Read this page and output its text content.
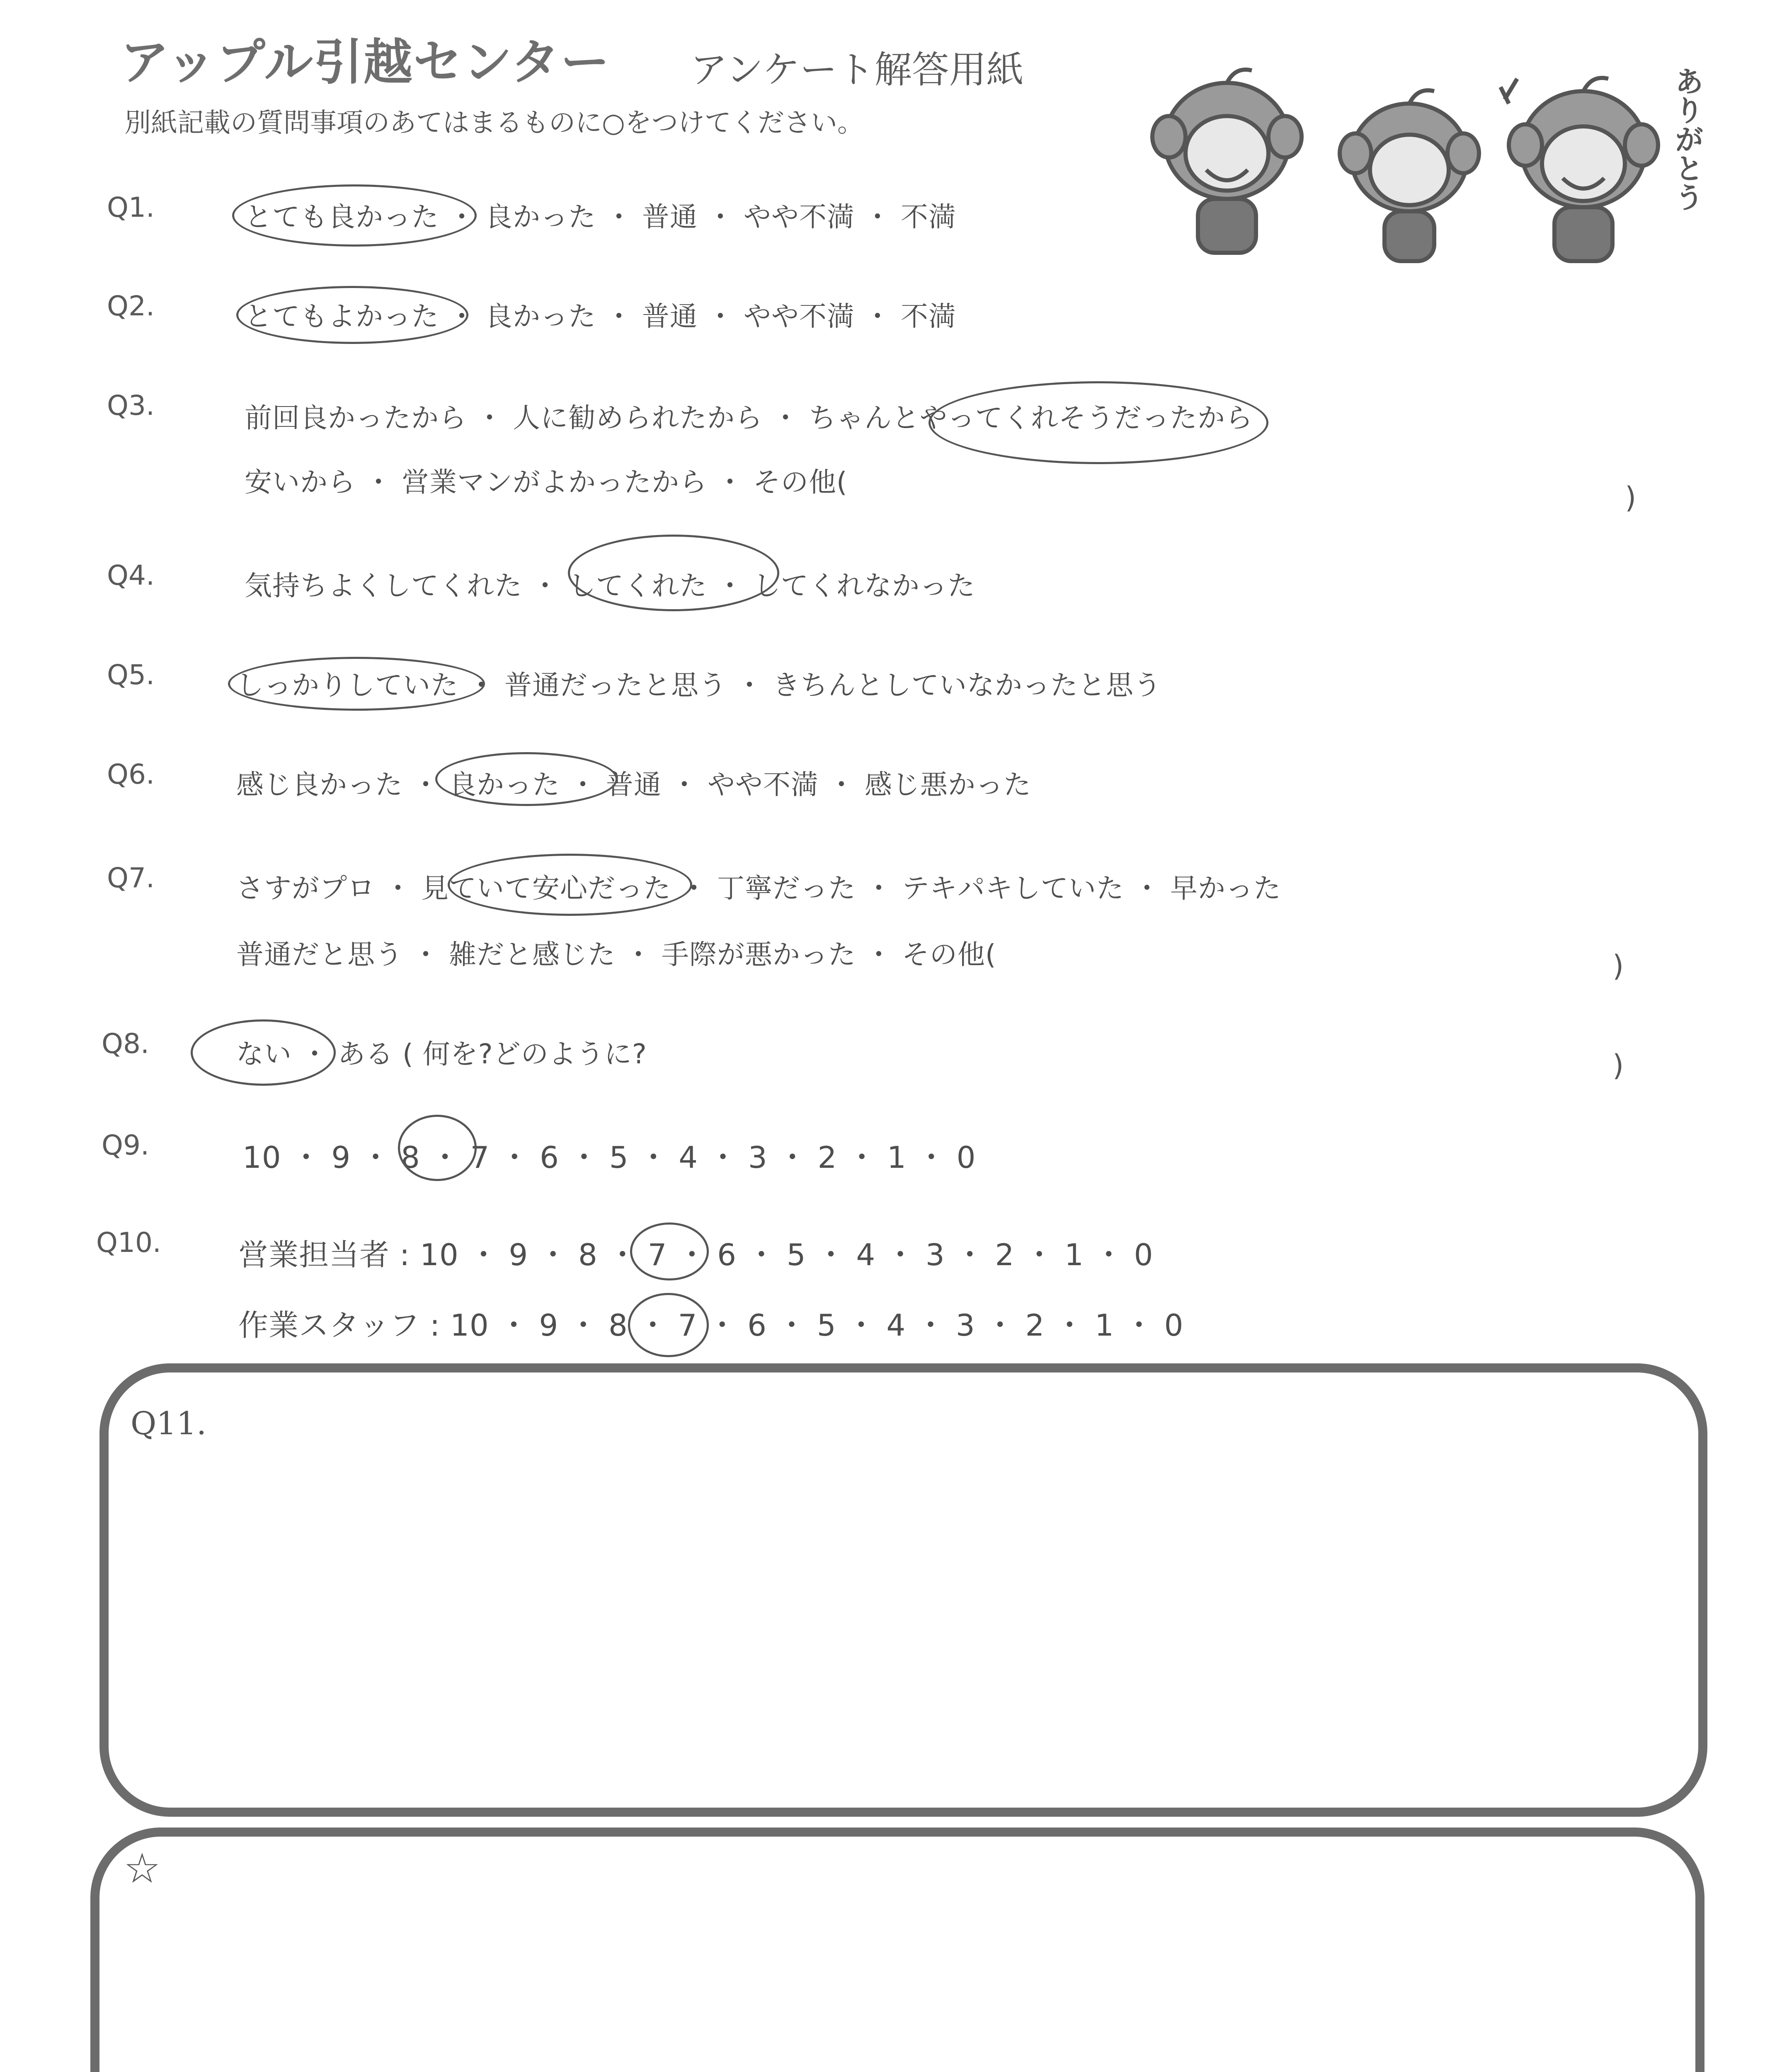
アップル引越センター アンケート解答用紙
別紙記載の質問事項のあてはまるものに○をつけてください。	ありがとう
Q1.	とても良かった ・ 良かった ・ 普通 ・ やや不満 ・ 不満
Q2.	とてもよかった ・ 良かった ・ 普通 ・ やや不満 ・ 不満
Q3.	前回良かったから ・ 人に勧められたから ・ ちゃんとやってくれそうだったから
安いから ・ 営業マンがよかったから ・ その他(	)
Q4.	気持ちよくしてくれた ・ してくれた ・ してくれなかった
Q5.	しっかりしていた ・ 普通だったと思う ・ きちんとしていなかったと思う
Q6.	感じ良かった ・ 良かった ・ 普通 ・ やや不満 ・ 感じ悪かった
Q7.	さすがプロ ・ 見ていて安心だった ・ 丁寧だった ・ テキパキしていた ・ 早かった
普通だと思う ・ 雑だと感じた ・ 手際が悪かった ・ その他(	)
Q8.	ない ・ ある ( 何を?どのように?	)
Q9.	10 ・ 9 ・ 8 ・ 7 ・ 6 ・ 5 ・ 4 ・ 3 ・ 2 ・ 1 ・ 0
Q10.	営業担当者 : 10 ・ 9 ・ 8 ・ 7 ・ 6 ・ 5 ・ 4 ・ 3 ・ 2 ・ 1 ・ 0
作業スタッフ : 10 ・ 9 ・ 8 ・ 7 ・ 6 ・ 5 ・ 4 ・ 3 ・ 2 ・ 1 ・ 0
Q11.
☆
